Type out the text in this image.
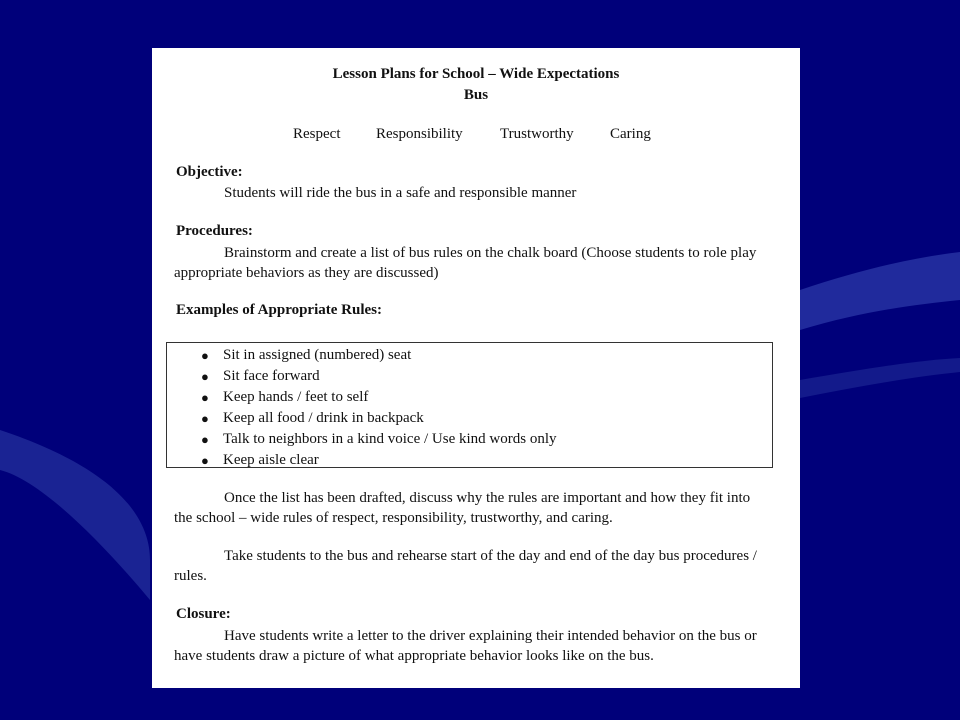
Lesson Plans for School – Wide Expectations
Bus
Respect Responsibility Trustworthy Caring
Objective:

Students will ride the bus in a safe and responsible manner

Procedures:

Brainstorm and create a list of bus rules on the chalk board (Choose students to role play appropriate behaviors as they are discussed)

Examples of Appropriate Rules:
● Sit in assigned (numbered) seat
● Sit face forward
● Keep hands / feet to self
● Keep all food / drink in backpack
● Talk to neighbors in a kind voice / Use kind words only
● Keep aisle clear

Once the list has been drafted, discuss why the rules are important and how they fit into the school – wide rules of respect, responsibility, trustworthy, and caring.

Take students to the bus and rehearse start of the day and end of the day bus procedures / rules.

Closure:

Have students write a letter to the driver explaining their intended behavior on the bus or have students draw a picture of what appropriate behavior looks like on the bus.
